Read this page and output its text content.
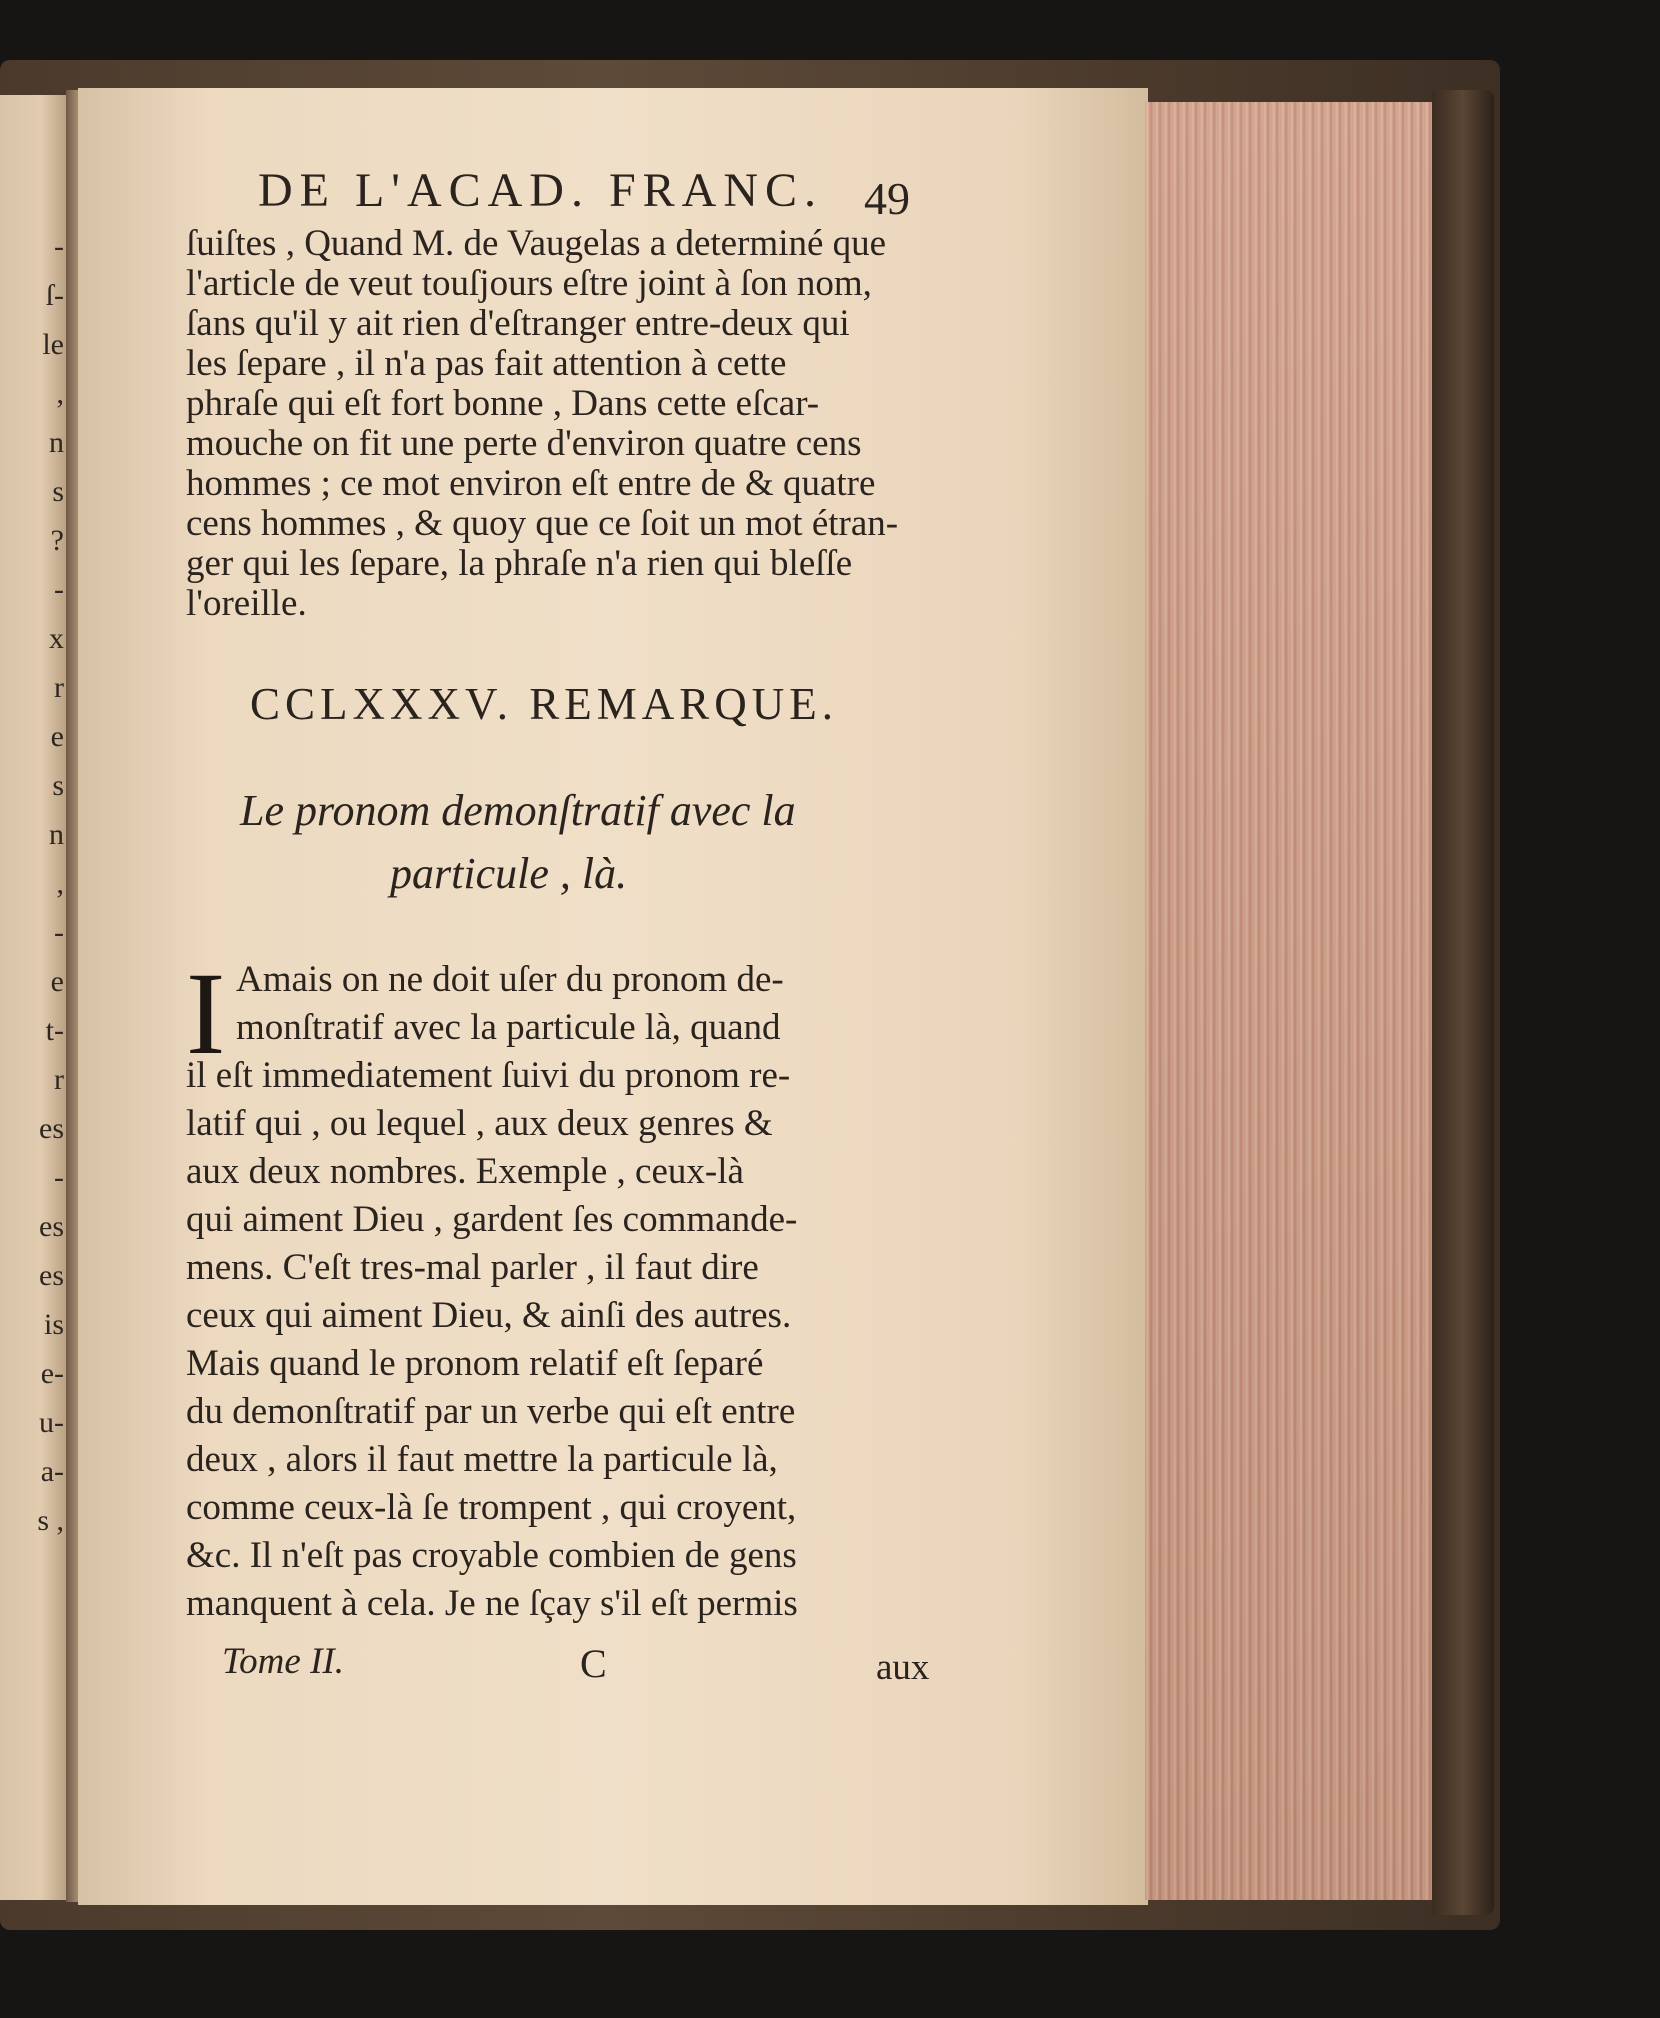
-
ſ-
le
,
n
s
?
-
x
r
e
s
n
,
-
e
t-
r
es
-
es
es
is
e-
u-
a-
s ,
DE L'ACAD. FRANC. 49
ſuiſtes , Quand M. de Vaugelas a determiné que
l'article de veut touſjours eſtre joint à ſon nom,
ſans qu'il y ait rien d'eſtranger entre-deux qui
les ſepare , il n'a pas fait attention à cette
phraſe qui eſt fort bonne , Dans cette eſcar-
mouche on fit une perte d'environ quatre cens
hommes ; ce mot environ eſt entre de & quatre
cens hommes , & quoy que ce ſoit un mot étran-
ger qui les ſepare, la phraſe n'a rien qui bleſſe
l'oreille.
CCLXXXV. REMARQUE.
Le pronom demonſtratif avec la
particule , là.
I Amais on ne doit uſer du pronom de-
monſtratif avec la particule là, quand
il eſt immediatement ſuivi du pronom re-
latif qui , ou lequel , aux deux genres &
aux deux nombres. Exemple , ceux-là
qui aiment Dieu , gardent ſes commande-
mens. C'eſt tres-mal parler , il faut dire
ceux qui aiment Dieu, & ainſi des autres.
Mais quand le pronom relatif eſt ſeparé
du demonſtratif par un verbe qui eſt entre
deux , alors il faut mettre la particule là,
comme ceux-là ſe trompent , qui croyent,
&c. Il n'eſt pas croyable combien de gens
manquent à cela. Je ne ſçay s'il eſt permis
Tome II.	C	aux
